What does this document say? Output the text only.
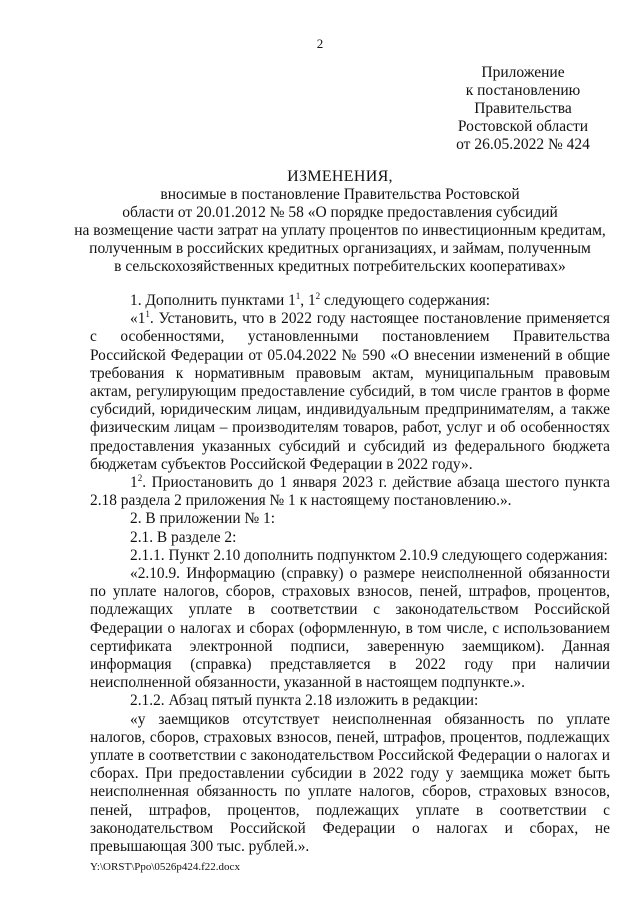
2
Приложение
к постановлению
Правительства
Ростовской области
от 26.05.2022 № 424
ИЗМЕНЕНИЯ,
вносимые в постановление Правительства Ростовской
области от 20.01.2012 № 58 «О порядке предоставления субсидий
на возмещение части затрат на уплату процентов по инвестиционным кредитам,
полученным в российских кредитных организациях, и займам, полученным
в сельскохозяйственных кредитных потребительских кооперативах»

1. Дополнить пунктами $1^1$, $1^2$ следующего содержания:

«$1^1$. Установить, что в 2022 году настоящее постановление применяется с особенностями, установленными постановлением Правительства Российской Федерации от 05.04.2022 № 590 «О внесении изменений в общие требования к нормативным правовым актам, муниципальным правовым актам, регулирующим предоставление субсидий, в том числе грантов в форме субсидий, юридическим лицам, индивидуальным предпринимателям, а также физическим лицам – производителям товаров, работ, услуг и об особенностях предоставления указанных субсидий и субсидий из федерального бюджета бюджетам субъектов Российской Федерации в 2022 году».

$1^2$. Приостановить до 1 января 2023 г. действие абзаца шестого пункта 2.18 раздела 2 приложения № 1 к настоящему постановлению.».

2. В приложении № 1:

2.1. В разделе 2:

2.1.1. Пункт 2.10 дополнить подпунктом 2.10.9 следующего содержания:

«2.10.9. Информацию (справку) о размере неисполненной обязанности по уплате налогов, сборов, страховых взносов, пеней, штрафов, процентов, подлежащих уплате в соответствии с законодательством Российской Федерации о налогах и сборах (оформленную, в том числе, с использованием сертификата электронной подписи, заверенную заемщиком). Данная информация (справка) представляется в 2022 году при наличии неисполненной обязанности, указанной в настоящем подпункте.».

2.1.2. Абзац пятый пункта 2.18 изложить в редакции:

«у заемщиков отсутствует неисполненная обязанность по уплате налогов, сборов, страховых взносов, пеней, штрафов, процентов, подлежащих уплате в соответствии с законодательством Российской Федерации о налогах и сборах. При предоставлении субсидии в 2022 году у заемщика может быть неисполненная обязанность по уплате налогов, сборов, страховых взносов, пеней, штрафов, процентов, подлежащих уплате в соответствии с законодательством Российской Федерации о налогах и сборах, не превышающая 300 тыс. рублей.».

Y:\ORST\Ppo\0526p424.f22.docx
